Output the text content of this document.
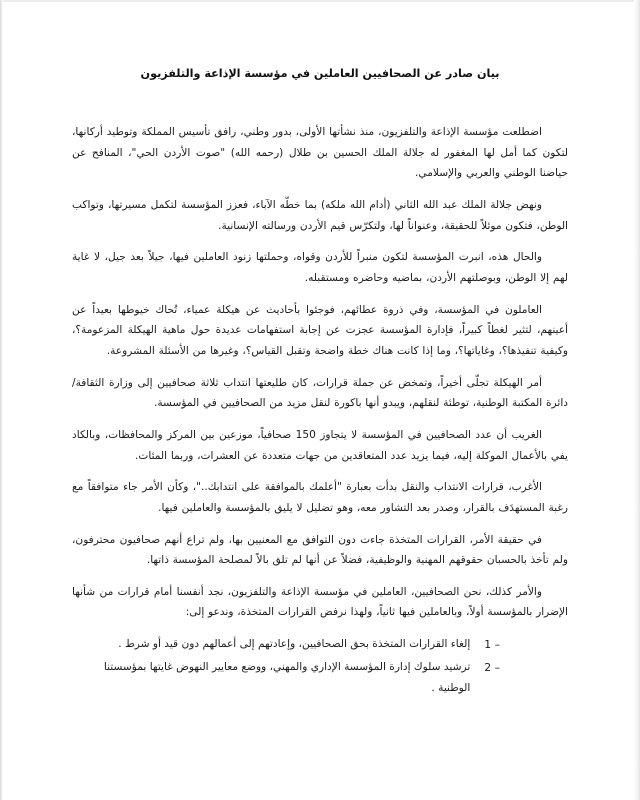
بيان صادر عن الصحافيين العاملين في مؤسسة الإذاعة والتلفزيون

اضطلعت مؤسسة الإذاعة والتلفزيون، منذ نشأتها الأولى، بدور وطني، رافق تأسيس المملكة وتوطيد أركانها، لتكون كما أمل لها المغفور له جلالة الملك الحسين بن طلال (رحمه الله) "صوت الأردن الحي"، المنافح عن حياضنا الوطني والعربي والإسلامي.

ونهض جلالة الملك عبد الله الثاني (أدام الله ملكه) بما خطّه الآباء، فعزز المؤسسة لتكمل مسيرتها، وتواكب الوطن، فتكون موئلاً للحقيقة، وعنواناً لها، ولتكرّس قيم الأردن ورسالته الإنسانية.

والحال هذه، انبرت المؤسسة لتكون منبراً للأردن وقواه، وحملتها زنود العاملين فيها، جيلاً بعد جيل، لا غاية لهم إلا الوطن، وبوصلتهم الأردن، بماضيه وحاضره ومستقبله.

العاملون في المؤسسة، وفي ذروة عطائهم، فوجئوا بأحاديث عن هيكلة عمياء، تُحاك خيوطها بعيداً عن أعينهم، لتثير لغطاً كبيراً، فإدارة المؤسسة عجزت عن إجابة استفهامات عديدة حول ماهية الهيكلة المزعومة؟، وكيفية تنفيذها؟، وغاياتها؟، وما إذا كانت هناك خطة واضحة وتقبل القياس؟، وغيرها من الأسئلة المشروعة.

أمر الهيكلة تجلّى أخيراً، وتمخض عن جملة قرارات، كان طليعتها انتداب ثلاثة صحافيين إلى وزارة الثقافة/ دائرة المكتبة الوطنية، توطئة لنقلهم، ويبدو أنها باكورة لنقل مزيد من الصحافيين في المؤسسة.

الغريب أن عدد الصحافيين في المؤسسة لا يتجاوز 150 صحافياً، موزعين بين المركز والمحافظات، وبالكاد يفي بالأعمال الموكلة إليه، فيما يزيد عدد المتعاقدين من جهات متعددة عن العشرات، وربما المئات.

الأغرب، قرارات الانتداب والنقل بدأت بعبارة "أعلمك بالموافقة على انتدابك.."، وكأن الأمر جاء متوافقاً مع رغبة المستهدَف بالقرار، وصدر بعد التشاور معه، وهو تضليل لا يليق بالمؤسسة والعاملين فيها.

في حقيقة الأمر، القرارات المتخذة جاءت دون التوافق مع المعنيين بها، ولم تراع أنهم صحافيون محترفون، ولم تأخذ بالحسبان حقوقهم المهنية والوظيفية، فضلاً عن أنها لم تلق بالاً لمصلحة المؤسسة ذاتها.

والأمر كذلك، نحن الصحافيين، العاملين في مؤسسة الإذاعة والتلفزيون، نجد أنفسنا أمام قرارات من شأنها الإضرار بالمؤسسة أولاً، وبالعاملين فيها ثانياً، ولهذا نرفض القرارات المتخذة، وندعو إلى:

1 –
إلغاء القرارات المتخذة بحق الصحافيين، وإعادتهم إلى أعمالهم دون قيد أو شرط .
2 –
ترشيد سلوك إدارة المؤسسة الإداري والمهني، ووضع معايير النهوض غايتها بمؤسستنا الوطنية .
